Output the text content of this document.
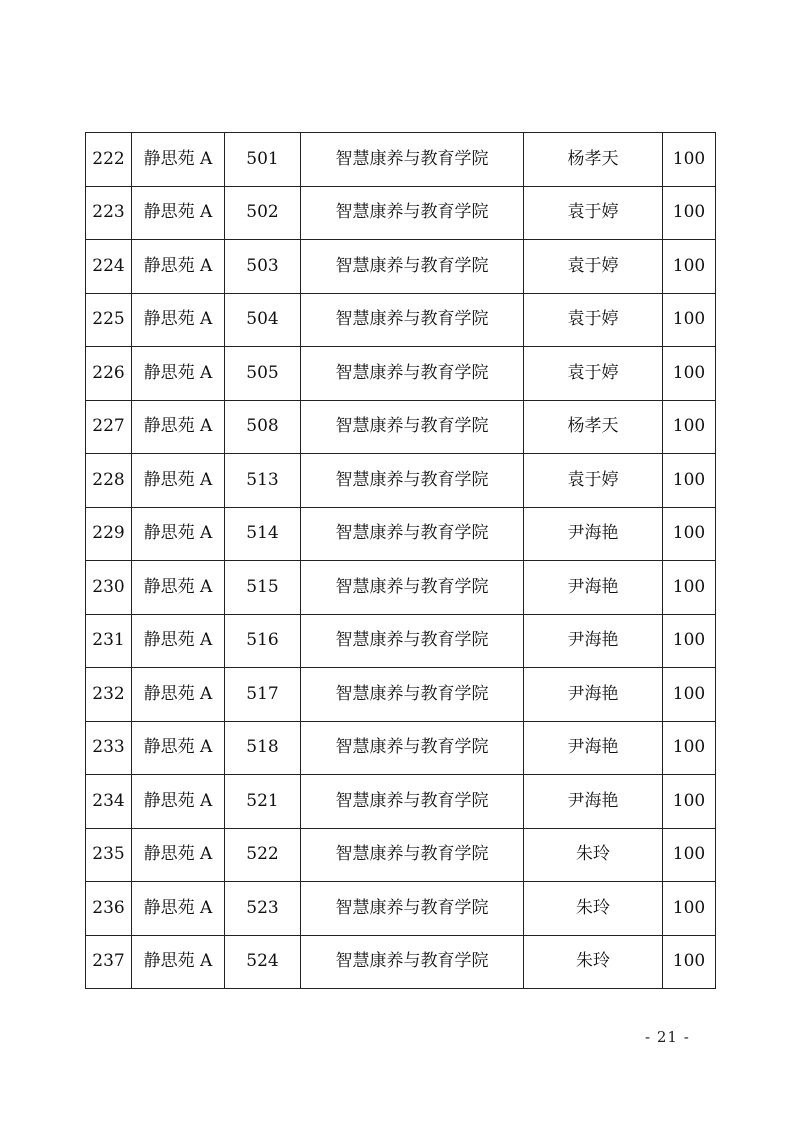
222	静思苑 A	501	智慧康养与教育学院	杨孝天	100
223	静思苑 A	502	智慧康养与教育学院	袁于婷	100
224	静思苑 A	503	智慧康养与教育学院	袁于婷	100
225	静思苑 A	504	智慧康养与教育学院	袁于婷	100
226	静思苑 A	505	智慧康养与教育学院	袁于婷	100
227	静思苑 A	508	智慧康养与教育学院	杨孝天	100
228	静思苑 A	513	智慧康养与教育学院	袁于婷	100
229	静思苑 A	514	智慧康养与教育学院	尹海艳	100
230	静思苑 A	515	智慧康养与教育学院	尹海艳	100
231	静思苑 A	516	智慧康养与教育学院	尹海艳	100
232	静思苑 A	517	智慧康养与教育学院	尹海艳	100
233	静思苑 A	518	智慧康养与教育学院	尹海艳	100
234	静思苑 A	521	智慧康养与教育学院	尹海艳	100
235	静思苑 A	522	智慧康养与教育学院	朱玲	100
236	静思苑 A	523	智慧康养与教育学院	朱玲	100
237	静思苑 A	524	智慧康养与教育学院	朱玲	100
- 21 -
